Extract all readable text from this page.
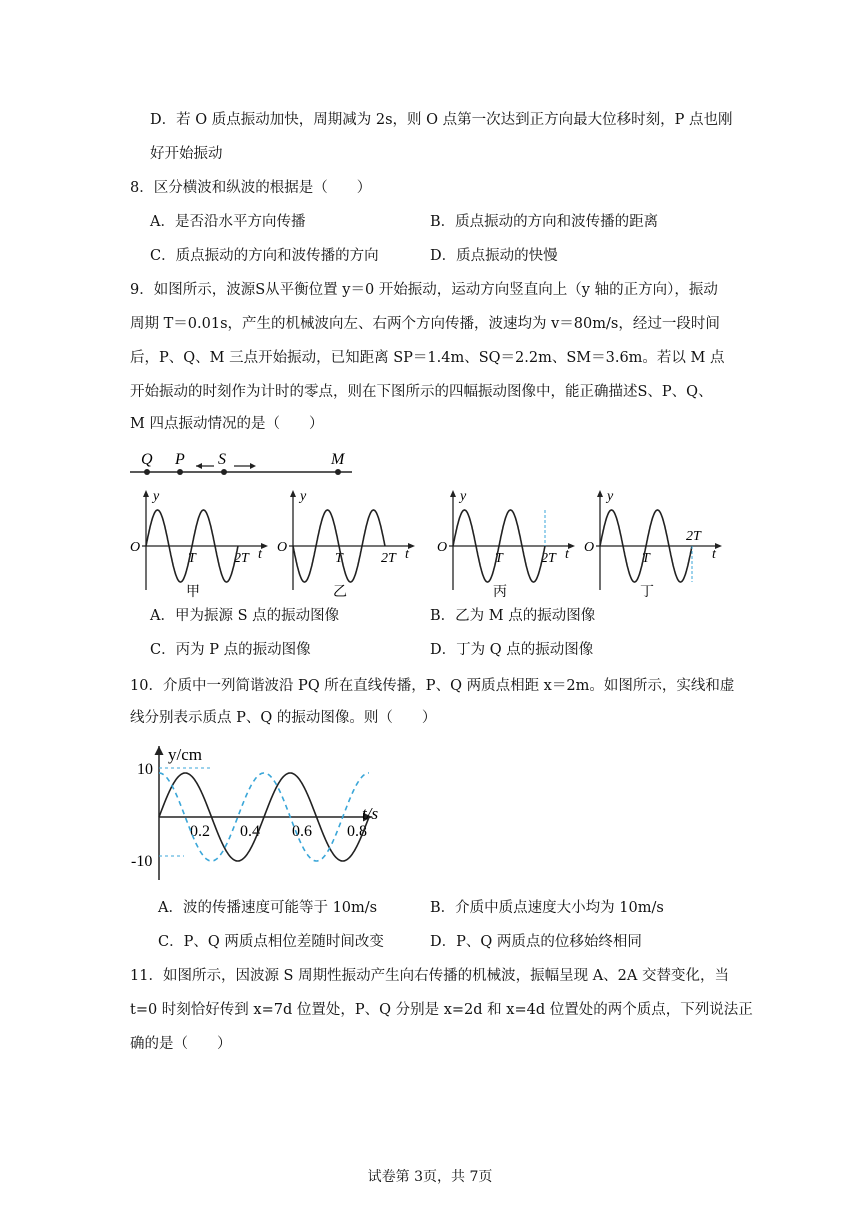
D．若 O 质点振动加快，周期减为 2s，则 O 点第一次达到正方向最大位移时刻，P 点也刚
好开始振动
8．区分横波和纵波的根据是（　　）
A．是否沿水平方向传播	B．质点振动的方向和波传播的距离
C．质点振动的方向和波传播的方向	D．质点振动的快慢
9．如图所示，波源S从平衡位置 y＝0 开始振动，运动方向竖直向上（y 轴的正方向），振动
周期 T＝0.01s，产生的机械波向左、右两个方向传播，波速均为 v＝80m/s，经过一段时间
后，P、Q、M 三点开始振动，已知距离 SP＝1.4m、SQ＝2.2m、SM＝3.6m。若以 M 点
开始振动的时刻作为计时的零点，则在下图所示的四幅振动图像中，能正确描述S、P、Q、
M 四点振动情况的是（　　）
Q P S	M
y
t
O
T	2T
甲
y
t
O
T	2T
乙
y
t
O
T	2T
丙
y
t
O
T
2T
丁
A．甲为振源 S 点的振动图像	B．乙为 M 点的振动图像
C．丙为 P 点的振动图像	D．丁为 Q 点的振动图像
10．介质中一列简谐波沿 PQ 所在直线传播，P、Q 两质点相距 x＝2m。如图所示，实线和虚
线分别表示质点 P、Q 的振动图像。则（　　）
y/cm
t/s
10
-10
0.2 0.4 0.6 0.8
A．波的传播速度可能等于 10m/s	B．介质中质点速度大小均为 10m/s
C．P、Q 两质点相位差随时间改变	D．P、Q 两质点的位移始终相同
11．如图所示，因波源 S 周期性振动产生向右传播的机械波，振幅呈现 A、2A 交替变化，当
t=0 时刻恰好传到 x=7d 位置处，P、Q 分别是 x=2d 和 x=4d 位置处的两个质点，下列说法正
确的是（　　）
试卷第 3页，共 7页
